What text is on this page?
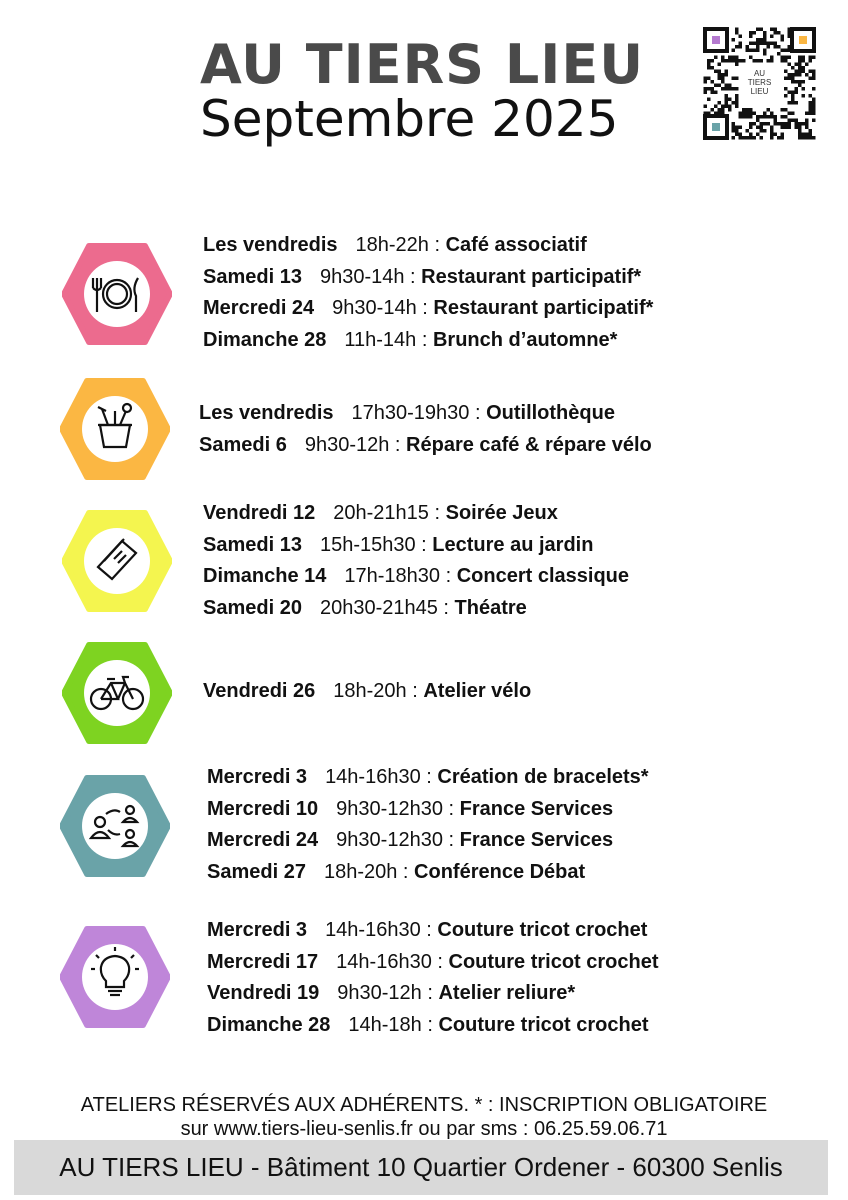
AU TIERS LIEU
Septembre 2025
AU
TIERS
LIEU
Les vendredis 18h-22h : Café associatif
Samedi 13 9h30-14h : Restaurant participatif*
Mercredi 24 9h30-14h : Restaurant participatif*
Dimanche 28 11h-14h : Brunch d’automne*
Les vendredis 17h30-19h30 : Outillothèque
Samedi 6 9h30-12h : Répare café & répare vélo
Vendredi 12 20h-21h15 : Soirée Jeux
Samedi 13 15h-15h30 : Lecture au jardin
Dimanche 14 17h-18h30 : Concert classique
Samedi 20 20h30-21h45 : Théatre
Vendredi 26 18h-20h : Atelier vélo
Mercredi 3 14h-16h30 : Création de bracelets*
Mercredi 10 9h30-12h30 : France Services
Mercredi 24 9h30-12h30 : France Services
Samedi 27 18h-20h : Conférence Débat
Mercredi 3 14h-16h30 : Couture tricot crochet
Mercredi 17 14h-16h30 : Couture tricot crochet
Vendredi 19 9h30-12h : Atelier reliure*
Dimanche 28 14h-18h : Couture tricot crochet
ATELIERS RÉSERVÉS AUX ADHÉRENTS. * : INSCRIPTION OBLIGATOIRE
sur www.tiers-lieu-senlis.fr ou par sms : 06.25.59.06.71
AU TIERS LIEU - Bâtiment 10 Quartier Ordener - 60300 Senlis
